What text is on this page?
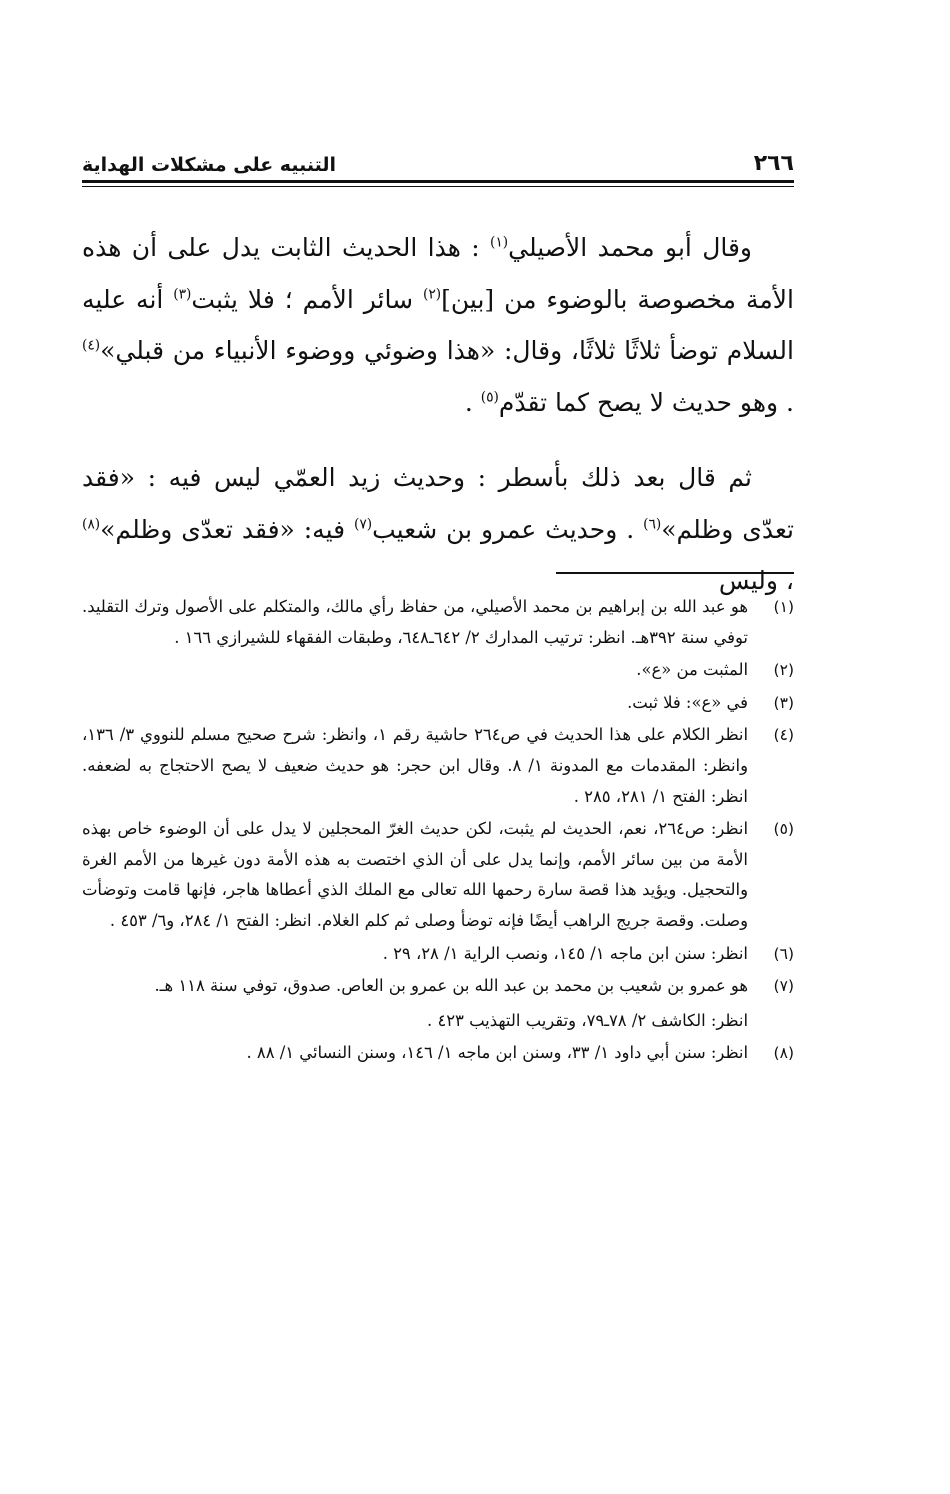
٢٦٦
التنبيه على مشكلات الهداية

وقال أبو محمد الأصيلي$^{(١)}$ : هذا الحديث الثابت يدل على أن هذه الأمة مخصوصة بالوضوء من [بين]$^{(٢)}$ سائر الأمم ؛ فلا يثبت$^{(٣)}$ أنه عليه السلام توضأ ثلاثًا ثلاثًا، وقال: «هذا وضوئي ووضوء الأنبياء من قبلي»$^{(٤)}$ . وهو حديث لا يصح كما تقدّم$^{(٥)}$ .

ثم قال بعد ذلك بأسطر : وحديث زيد العمّي ليس فيه : «فقد تعدّى وظلم»$^{(٦)}$ . وحديث عمرو بن شعيب$^{(٧)}$ فيه: «فقد تعدّى وظلم»$^{(٨)}$ ، وليس

(١)
هو عبد الله بن إبراهيم بن محمد الأصيلي، من حفاظ رأي مالك، والمتكلم على الأصول وترك التقليد. توفي سنة ٣٩٢هـ. انظر: ترتيب المدارك ٢/ ٦٤٢ـ٦٤٨، وطبقات الفقهاء للشيرازي ١٦٦ .
(٢)
المثبت من «ع».
(٣)
في «ع»: فلا ثبت.
(٤)
انظر الكلام على هذا الحديث في ص٢٦٤ حاشية رقم ١، وانظر: شرح صحيح مسلم للنووي ٣/ ١٣٦، وانظر: المقدمات مع المدونة ١/ ٨. وقال ابن حجر: هو حديث ضعيف لا يصح الاحتجاج به لضعفه. انظر: الفتح ١/ ٢٨١، ٢٨٥ .
(٥)
انظر: ص٢٦٤، نعم، الحديث لم يثبت، لكن حديث الغرّ المحجلين لا يدل على أن الوضوء خاص بهذه الأمة من بين سائر الأمم، وإنما يدل على أن الذي اختصت به هذه الأمة دون غيرها من الأمم الغرة والتحجيل. ويؤيد هذا قصة سارة رحمها الله تعالى مع الملك الذي أعطاها هاجر، فإنها قامت وتوضأت وصلت. وقصة جريج الراهب أيضًا فإنه توضأ وصلى ثم كلم الغلام. انظر: الفتح ١/ ٢٨٤، و٦/ ٤٥٣ .
(٦)
انظر: سنن ابن ماجه ١/ ١٤٥، ونصب الراية ١/ ٢٨، ٢٩ .
(٧)
هو عمرو بن شعيب بن محمد بن عبد الله بن عمرو بن العاص. صدوق، توفي سنة ١١٨ هـ.
انظر: الكاشف ٢/ ٧٨ـ٧٩، وتقريب التهذيب ٤٢٣ .
(٨)
انظر: سنن أبي داود ١/ ٣٣، وسنن ابن ماجه ١/ ١٤٦، وسنن النسائي ١/ ٨٨ .
